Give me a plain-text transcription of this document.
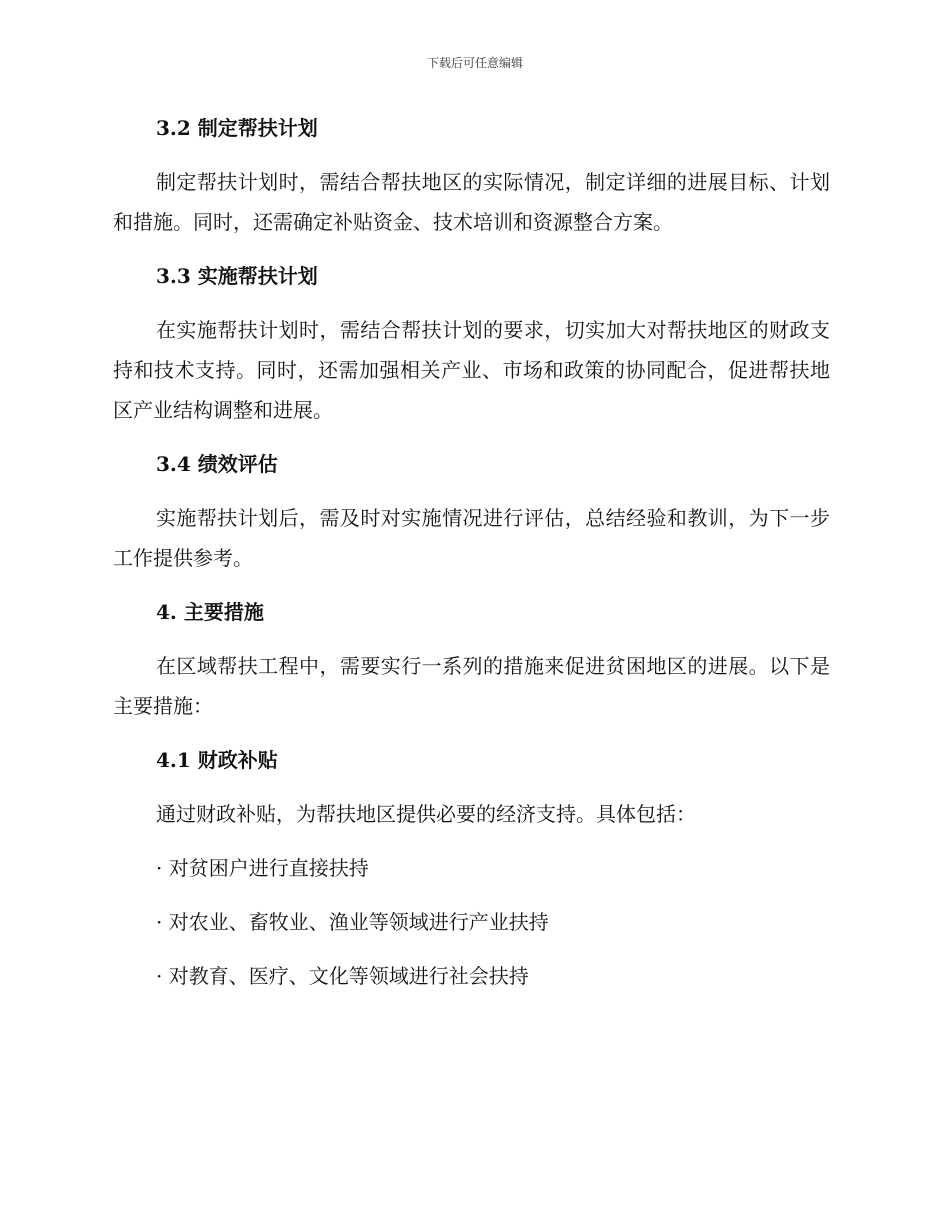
下载后可任意编辑
3.2 制定帮扶计划

制定帮扶计划时，需结合帮扶地区的实际情况，制定详细的进展目标、计划和措施。同时，还需确定补贴资金、技术培训和资源整合方案。

3.3 实施帮扶计划

在实施帮扶计划时，需结合帮扶计划的要求，切实加大对帮扶地区的财政支持和技术支持。同时，还需加强相关产业、市场和政策的协同配合，促进帮扶地区产业结构调整和进展。

3.4 绩效评估

实施帮扶计划后，需及时对实施情况进行评估，总结经验和教训，为下一步工作提供参考。

4. 主要措施

在区域帮扶工程中，需要实行一系列的措施来促进贫困地区的进展。以下是主要措施：

4.1 财政补贴

通过财政补贴，为帮扶地区提供必要的经济支持。具体包括：

· 对贫困户进行直接扶持

· 对农业、畜牧业、渔业等领域进行产业扶持

· 对教育、医疗、文化等领域进行社会扶持
